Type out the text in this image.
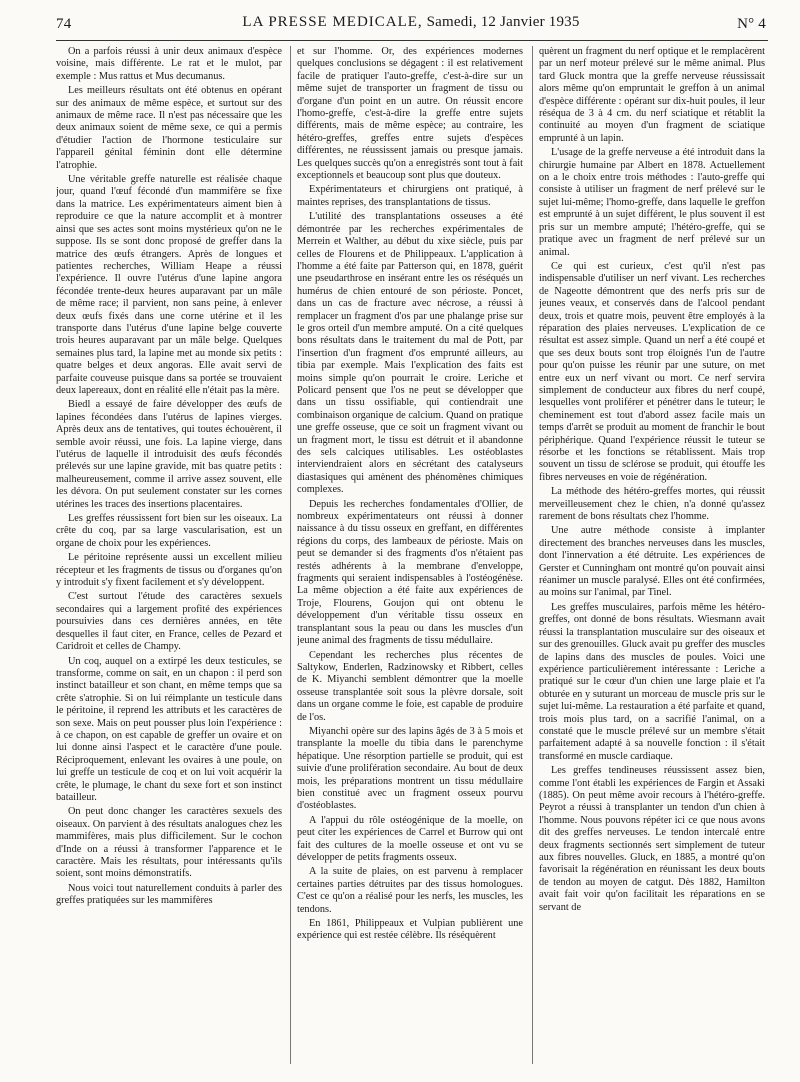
74	LA PRESSE MEDICALE, Samedi, 12 Janvier 1935	N° 4

On a parfois réussi à unir deux animaux d'espèce voisine, mais différente. Le rat et le mulot, par exemple : Mus rattus et Mus decumanus.

Les meilleurs résultats ont été obtenus en opérant sur des animaux de même espèce, et surtout sur des animaux de même race. Il n'est pas nécessaire que les deux animaux soient de même sexe, ce qui a permis d'étudier l'action de l'hormone testiculaire sur l'appareil génital féminin dont elle détermine l'atrophie.

Une véritable greffe naturelle est réalisée chaque jour, quand l'œuf fécondé d'un mammifère se fixe dans la matrice. Les expérimentateurs aiment bien à reproduire ce que la nature accomplit et à montrer ainsi que ses actes sont moins mystérieux qu'on ne le suppose. Ils se sont donc proposé de greffer dans la matrice des œufs étrangers. Après de longues et patientes recherches, William Heape a réussi l'expérience. Il ouvre l'utérus d'une lapine angora fécondée trente-deux heures auparavant par un mâle de même race; il parvient, non sans peine, à enlever deux œufs fixés dans une corne utérine et il les transporte dans l'utérus d'une lapine belge couverte trois heures auparavant par un mâle belge. Quelques semaines plus tard, la lapine met au monde six petits : quatre belges et deux angoras. Elle avait servi de parfaite couveuse puisque dans sa portée se trouvaient deux lapereaux, dont en réalité elle n'était pas la mère.

Biedl a essayé de faire développer des œufs de lapines fécondées dans l'utérus de lapines vierges. Après deux ans de tentatives, qui toutes échouèrent, il semble avoir réussi, une fois. La lapine vierge, dans l'utérus de laquelle il introduisit des œufs fécondés prélevés sur une lapine gravide, mit bas quatre petits : malheureusement, comme il arrive assez souvent, elle les dévora. On put seulement constater sur les cornes utérines les traces des insertions placentaires.

Les greffes réussissent fort bien sur les oiseaux. La crête du coq, par sa large vascularisation, est un organe de choix pour les expériences.

Le péritoine représente aussi un excellent milieu récepteur et les fragments de tissus ou d'organes qu'on y introduit s'y fixent facilement et s'y développent.

C'est surtout l'étude des caractères sexuels secondaires qui a largement profité des expériences poursuivies dans ces dernières années, en tête desquelles il faut citer, en France, celles de Pezard et Caridroit et celles de Champy.

Un coq, auquel on a extirpé les deux testicules, se transforme, comme on sait, en un chapon : il perd son instinct batailleur et son chant, en même temps que sa crête s'atrophie. Si on lui réimplante un testicule dans le péritoine, il reprend les attributs et les caractères de son sexe. Mais on peut pousser plus loin l'expérience : à ce chapon, on est capable de greffer un ovaire et on lui donne ainsi l'aspect et le caractère d'une poule. Réciproquement, enlevant les ovaires à une poule, on lui greffe un testicule de coq et on lui voit acquérir la crête, le plumage, le chant du sexe fort et son instinct batailleur.

On peut donc changer les caractères sexuels des oiseaux. On parvient à des résultats analogues chez les mammifères, mais plus difficilement. Sur le cochon d'Inde on a réussi à transformer l'apparence et le caractère. Mais les résultats, pour intéressants qu'ils soient, sont moins démonstratifs.

Nous voici tout naturellement conduits à parler des greffes pratiquées sur les mammifères

et sur l'homme. Or, des expériences modernes quelques conclusions se dégagent : il est relativement facile de pratiquer l'auto-greffe, c'est-à-dire sur un même sujet de transporter un fragment de tissu ou d'organe d'un point en un autre. On réussit encore l'homo-greffe, c'est-à-dire la greffe entre sujets différents, mais de même espèce; au contraire, les hétéro-greffes, greffes entre sujets d'espèces différentes, ne réussissent jamais ou presque jamais. Les quelques succès qu'on a enregistrés sont tout à fait exceptionnels et beaucoup sont plus que douteux.

Expérimentateurs et chirurgiens ont pratiqué, à maintes reprises, des transplantations de tissus.

L'utilité des transplantations osseuses a été démontrée par les recherches expérimentales de Merrein et Walther, au début du xixe siècle, puis par celles de Flourens et de Philippeaux. L'application à l'homme a été faite par Patterson qui, en 1878, guérit une pseudarthrose en insérant entre les os réséqués un humérus de chien entouré de son périoste. Poncet, dans un cas de fracture avec nécrose, a réussi à remplacer un fragment d'os par une phalange prise sur le gros orteil d'un membre amputé. On a cité quelques bons résultats dans le traitement du mal de Pott, par l'insertion d'un fragment d'os emprunté ailleurs, au tibia par exemple. Mais l'explication des faits est moins simple qu'on pourrait le croire. Leriche et Policard pensent que l'os ne peut se développer que dans un tissu ossifiable, qui contiendrait une combinaison organique de calcium. Quand on pratique une greffe osseuse, que ce soit un fragment vivant ou un fragment mort, le tissu est détruit et il abandonne des sels calciques utilisables. Les ostéoblastes interviendraient alors en sécrétant des catalyseurs diastasiques qui amènent des phénomènes chimiques complexes.

Depuis les recherches fondamentales d'Ollier, de nombreux expérimentateurs ont réussi à donner naissance à du tissu osseux en greffant, en différentes régions du corps, des lambeaux de périoste. Mais on peut se demander si des fragments d'os n'étaient pas restés adhérents à la membrane d'enveloppe, fragments qui seraient indispensables à l'ostéogénèse. La même objection a été faite aux expériences de Troje, Flourens, Goujon qui ont obtenu le développement d'un véritable tissu osseux en transplantant sous la peau ou dans les muscles d'un jeune animal des fragments de tissu médullaire.

Cependant les recherches plus récentes de Saltykow, Enderlen, Radzinowsky et Ribbert, celles de K. Miyanchi semblent démontrer que la moelle osseuse transplantée soit sous la plèvre dorsale, soit dans un organe comme le foie, est capable de produire de l'os.

Miyanchi opère sur des lapins âgés de 3 à 5 mois et transplante la moelle du tibia dans le parenchyme hépatique. Une résorption partielle se produit, qui est suivie d'une prolifération secondaire. Au bout de deux mois, les préparations montrent un tissu médullaire bien constitué avec un fragment osseux pourvu d'ostéoblastes.

A l'appui du rôle ostéogénique de la moelle, on peut citer les expériences de Carrel et Burrow qui ont fait des cultures de la moelle osseuse et ont vu se développer de petits fragments osseux.

A la suite de plaies, on est parvenu à remplacer certaines parties détruites par des tissus homologues. C'est ce qu'on a réalisé pour les nerfs, les muscles, les tendons.

En 1861, Philippeaux et Vulpian publièrent une expérience qui est restée célèbre. Ils réséquèrent

quèrent un fragment du nerf optique et le remplacèrent par un nerf moteur prélevé sur le même animal. Plus tard Gluck montra que la greffe nerveuse réussissait alors même qu'on empruntait le greffon à un animal d'espèce différente : opérant sur dix-huit poules, il leur réséqua de 3 à 4 cm. du nerf sciatique et rétablit la continuité au moyen d'un fragment de sciatique emprunté à un lapin.

L'usage de la greffe nerveuse a été introduit dans la chirurgie humaine par Albert en 1878. Actuellement on a le choix entre trois méthodes : l'auto-greffe qui consiste à utiliser un fragment de nerf prélevé sur le sujet lui-même; l'homo-greffe, dans laquelle le greffon est emprunté à un sujet différent, le plus souvent il est pris sur un membre amputé; l'hétéro-greffe, qui se pratique avec un fragment de nerf prélevé sur un animal.

Ce qui est curieux, c'est qu'il n'est pas indispensable d'utiliser un nerf vivant. Les recherches de Nageotte démontrent que des nerfs pris sur de jeunes veaux, et conservés dans de l'alcool pendant deux, trois et quatre mois, peuvent être employés à la réparation des plaies nerveuses. L'explication de ce résultat est assez simple. Quand un nerf a été coupé et que ses deux bouts sont trop éloignés l'un de l'autre pour qu'on puisse les réunir par une suture, on met entre eux un nerf vivant ou mort. Ce nerf servira simplement de conducteur aux fibres du nerf coupé, lesquelles vont proliférer et pénétrer dans le tuteur; le cheminement est tout d'abord assez facile mais un temps d'arrêt se produit au moment de franchir le bout périphérique. Quand l'expérience réussit le tuteur se résorbe et les fonctions se rétablissent. Mais trop souvent un tissu de sclérose se produit, qui étouffe les fibres nerveuses en voie de régénération.

La méthode des hétéro-greffes mortes, qui réussit merveilleusement chez le chien, n'a donné qu'assez rarement de bons résultats chez l'homme.

Une autre méthode consiste à implanter directement des branches nerveuses dans les muscles, dont l'innervation a été détruite. Les expériences de Gerster et Cunningham ont montré qu'on pouvait ainsi réanimer un muscle paralysé. Elles ont été confirmées, au moins sur l'animal, par Tinel.

Les greffes musculaires, parfois même les hétéro-greffes, ont donné de bons résultats. Wiesmann avait réussi la transplantation musculaire sur des oiseaux et sur des grenouilles. Gluck avait pu greffer des muscles de lapins dans des muscles de poules. Voici une expérience particulièrement intéressante : Leriche a pratiqué sur le cœur d'un chien une large plaie et l'a obturée en y suturant un morceau de muscle pris sur le sujet lui-même. La restauration a été parfaite et quand, trois mois plus tard, on a sacrifié l'animal, on a constaté que le muscle prélevé sur un membre s'était parfaitement adapté à sa nouvelle fonction : il s'était transformé en muscle cardiaque.

Les greffes tendineuses réussissent assez bien, comme l'ont établi les expériences de Fargin et Assaki (1885). On peut même avoir recours à l'hétéro-greffe. Peyrot a réussi à transplanter un tendon d'un chien à l'homme. Nous pouvons répéter ici ce que nous avons dit des greffes nerveuses. Le tendon intercalé entre deux fragments sectionnés sert simplement de tuteur aux fibres nouvelles. Gluck, en 1885, a montré qu'on favorisait la régénération en réunissant les deux bouts de tendon au moyen de catgut. Dès 1882, Hamilton avait fait voir qu'on facilitait les réparations en se servant de
